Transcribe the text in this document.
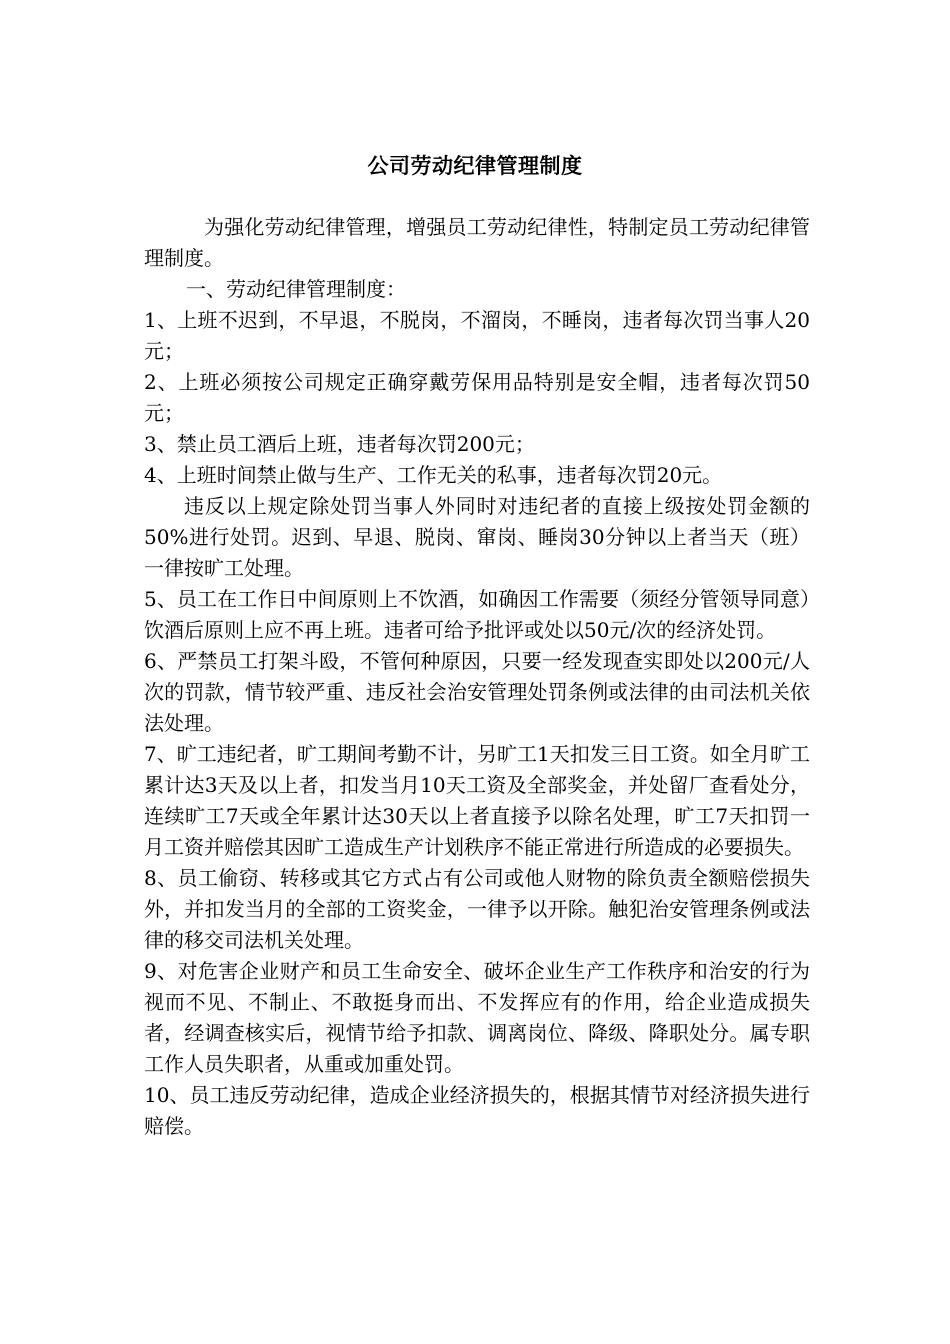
公司劳动纪律管理制度

为强化劳动纪律管理，增强员工劳动纪律性，特制定员工劳动纪律管理制度。

一、劳动纪律管理制度：

1、上班不迟到，不早退，不脱岗，不溜岗，不睡岗，违者每次罚当事人20元；

2、上班必须按公司规定正确穿戴劳保用品特别是安全帽，违者每次罚50元；

3、禁止员工酒后上班，违者每次罚200元；

4、上班时间禁止做与生产、工作无关的私事，违者每次罚20元。

违反以上规定除处罚当事人外同时对违纪者的直接上级按处罚金额的50%进行处罚。迟到、早退、脱岗、窜岗、睡岗30分钟以上者当天（班）一律按旷工处理。

5、员工在工作日中间原则上不饮酒，如确因工作需要（须经分管领导同意）饮酒后原则上应不再上班。违者可给予批评或处以50元/次的经济处罚。

6、严禁员工打架斗殴，不管何种原因，只要一经发现查实即处以200元/人次的罚款，情节较严重、违反社会治安管理处罚条例或法律的由司法机关依法处理。

7、旷工违纪者，旷工期间考勤不计，另旷工1天扣发三日工资。如全月旷工累计达3天及以上者，扣发当月10天工资及全部奖金，并处留厂查看处分，连续旷工7天或全年累计达30天以上者直接予以除名处理，旷工7天扣罚一月工资并赔偿其因旷工造成生产计划秩序不能正常进行所造成的必要损失。

8、员工偷窃、转移或其它方式占有公司或他人财物的除负责全额赔偿损失外，并扣发当月的全部的工资奖金，一律予以开除。触犯治安管理条例或法律的移交司法机关处理。

9、对危害企业财产和员工生命安全、破坏企业生产工作秩序和治安的行为视而不见、不制止、不敢挺身而出、不发挥应有的作用，给企业造成损失者，经调查核实后，视情节给予扣款、调离岗位、降级、降职处分。属专职工作人员失职者，从重或加重处罚。

10、员工违反劳动纪律，造成企业经济损失的，根据其情节对经济损失进行赔偿。
